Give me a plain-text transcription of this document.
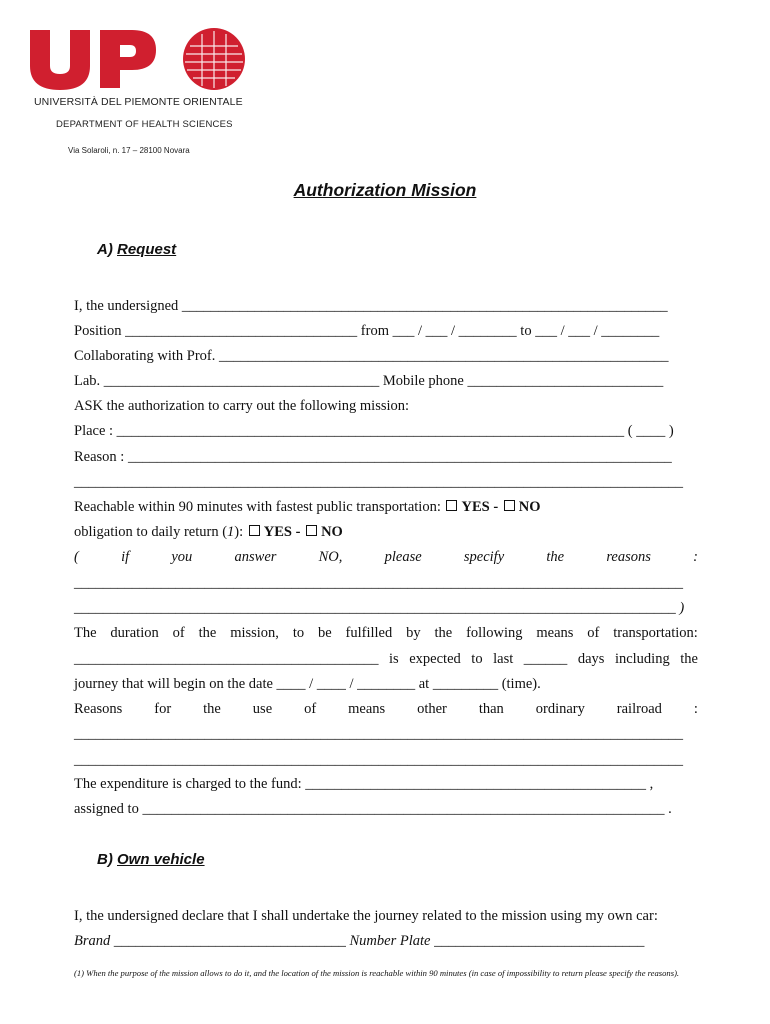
UNIVERSITÀ DEL PIEMONTE ORIENTALE
DEPARTMENT OF HEALTH SCIENCES
Via Solaroli, n. 17 – 28100 Novara
Authorization Mission
A) Request
I, the undersigned ___________________________________________________________________
Position ________________________________ from ___ / ___ / ________ to ___ / ___ / ________
Collaborating with Prof. ______________________________________________________________
Lab. ______________________________________ Mobile phone ___________________________
ASK the authorization to carry out the following mission:
Place : ______________________________________________________________________ ( ____ )
Reason : ___________________________________________________________________________
____________________________________________________________________________________
Reachable within 90 minutes with fastest public transportation: YES - NO
obligation to daily return (1): YES - NO
(	if	you	answer	NO,	please	specify	the	reasons	:
____________________________________________________________________________________
___________________________________________________________________________________ )
The duration of the mission, to be fulfilled by the following means of transportation:
__________________________________________ is expected to last ______ days including the
journey that will begin on the date ____ / ____ / ________ at _________ (time).
Reasons for the use of means other than ordinary railroad :
____________________________________________________________________________________
____________________________________________________________________________________
The expenditure is charged to the fund: _______________________________________________ ,
assigned to ________________________________________________________________________ .
B) Own vehicle
I, the undersigned declare that I shall undertake the journey related to the mission using my own car:
Brand ________________________________ Number Plate _____________________________
(1) When the purpose of the mission allows to do it, and the location of the mission is reachable within 90 minutes (in case of impossibility to return please specify the reasons).
